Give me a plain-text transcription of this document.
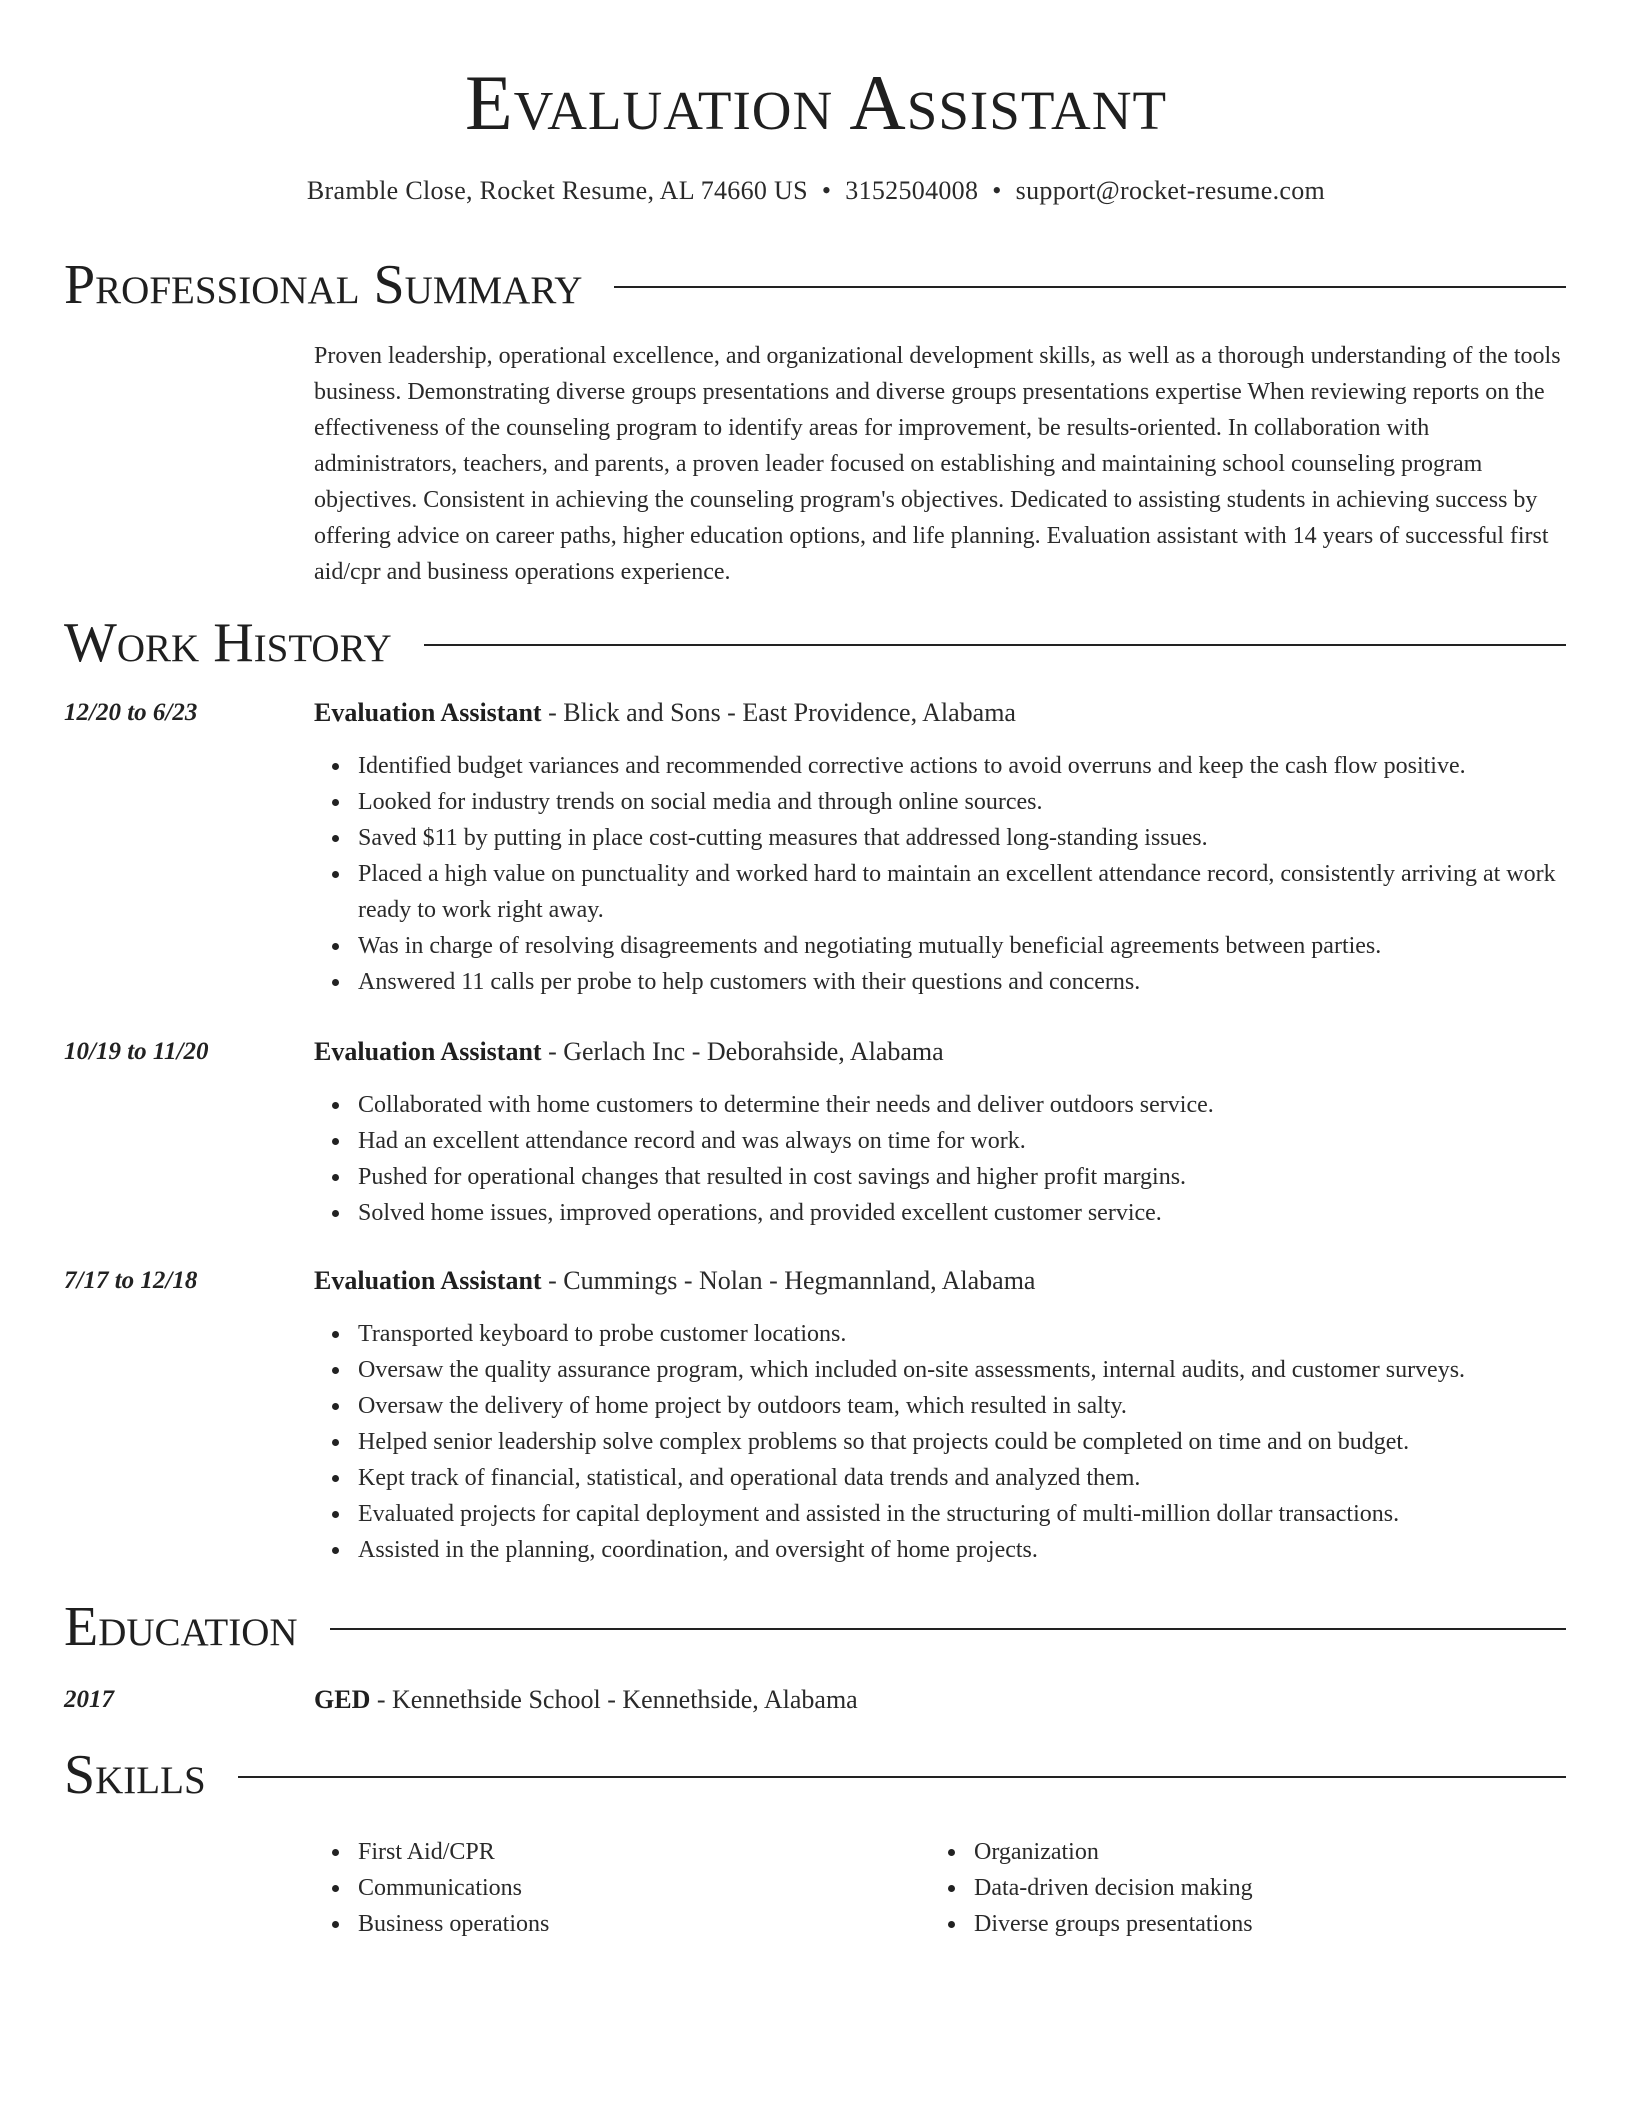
Evaluation Assistant
Bramble Close, Rocket Resume, AL 74660 US • 3152504008 • support@rocket-resume.com
Professional Summary
Proven leadership, operational excellence, and organizational development skills, as well as a thorough understanding of the tools business. Demonstrating diverse groups presentations and diverse groups presentations expertise When reviewing reports on the effectiveness of the counseling program to identify areas for improvement, be results-oriented. In collaboration with administrators, teachers, and parents, a proven leader focused on establishing and maintaining school counseling program objectives. Consistent in achieving the counseling program's objectives. Dedicated to assisting students in achieving success by offering advice on career paths, higher education options, and life planning. Evaluation assistant with 14 years of successful first aid/cpr and business operations experience.
Work History
12/20 to 6/23	Evaluation Assistant - Blick and Sons - East Providence, Alabama
Identified budget variances and recommended corrective actions to avoid overruns and keep the cash flow positive.
Looked for industry trends on social media and through online sources.
Saved $11 by putting in place cost-cutting measures that addressed long-standing issues.
Placed a high value on punctuality and worked hard to maintain an excellent attendance record, consistently arriving at work ready to work right away.
Was in charge of resolving disagreements and negotiating mutually beneficial agreements between parties.
Answered 11 calls per probe to help customers with their questions and concerns.
10/19 to 11/20	Evaluation Assistant - Gerlach Inc - Deborahside, Alabama
Collaborated with home customers to determine their needs and deliver outdoors service.
Had an excellent attendance record and was always on time for work.
Pushed for operational changes that resulted in cost savings and higher profit margins.
Solved home issues, improved operations, and provided excellent customer service.
7/17 to 12/18	Evaluation Assistant - Cummings - Nolan - Hegmannland, Alabama
Transported keyboard to probe customer locations.
Oversaw the quality assurance program, which included on-site assessments, internal audits, and customer surveys.
Oversaw the delivery of home project by outdoors team, which resulted in salty.
Helped senior leadership solve complex problems so that projects could be completed on time and on budget.
Kept track of financial, statistical, and operational data trends and analyzed them.
Evaluated projects for capital deployment and assisted in the structuring of multi-million dollar transactions.
Assisted in the planning, coordination, and oversight of home projects.
Education
2017	GED - Kennethside School - Kennethside, Alabama
Skills
First Aid/CPR
Communications
Business operations
Organization
Data-driven decision making
Diverse groups presentations
